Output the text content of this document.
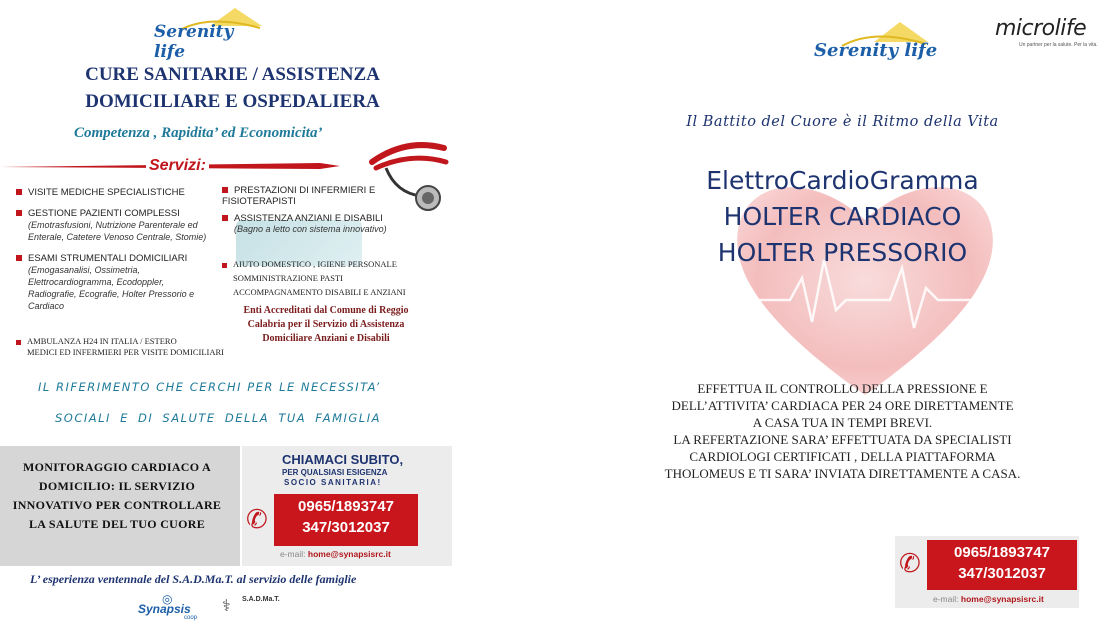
Serenity life
CURE SANITARIE / ASSISTENZA
DOMICILIARE E OSPEDALIERA
Competenza , Rapidita’ ed Economicita’
Servizi:
VISITE MEDICHE SPECIALISTICHE
GESTIONE PAZIENTI COMPLESSI
(Emotrasfusioni, Nutrizione Parenterale ed Enterale, Catetere Venoso Centrale, Stomie)
ESAMI STRUMENTALI DOMICILIARI
(Emogasanalisi, Ossimetria, Elettrocardiogramma, Ecodoppler, Radiografie, Ecografie, Holter Pressorio e Cardiaco
AMBULANZA H24 IN ITALIA / ESTERO
MEDICI ED INFERMIERI PER VISITE DOMICILIARI
PRESTAZIONI DI INFERMIERI E FISIOTERAPISTI
ASSISTENZA ANZIANI E DISABILI
(Bagno a letto con sistema innovativo)
AIUTO DOMESTICO , IGIENE PERSONALE
SOMMINISTRAZIONE PASTI
ACCOMPAGNAMENTO DISABILI E ANZIANI
Enti Accreditati dal Comune di Reggio Calabria per il Servizio di Assistenza Domiciliare Anziani e Disabili
IL RIFERIMENTO CHE CERCHI PER LE NECESSITA’
SOCIALI E DI SALUTE DELLA TUA FAMIGLIA
MONITORAGGIO CARDIACO A DOMICILIO: IL SERVIZIO INNOVATIVO PER CONTROLLARE LA SALUTE DEL TUO CUORE
CHIAMACI SUBITO,
PER QUALSIASI ESIGENZA
SOCIO SANITARIA!
✆	0965/1893747
347/3012037
e-mail: home@synapsisrc.it
L’ esperienza ventennale del S.A.D.Ma.T. al servizio delle famiglie
◎
Synapsis
coop
⚕ S.A.D.Ma.T.
Serenity life
microlife
Un partner per la salute. Per la vita.
Il Battito del Cuore è il Ritmo della Vita
ElettroCardioGramma
HOLTER CARDIACO
HOLTER PRESSORIO
EFFETTUA IL CONTROLLO DELLA PRESSIONE E
DELL’ATTIVITA’ CARDIACA PER 24 ORE DIRETTAMENTE
A CASA TUA IN TEMPI BREVI.
LA REFERTAZIONE SARA’ EFFETTUATA DA SPECIALISTI
CARDIOLOGI CERTIFICATI , DELLA PIATTAFORMA
THOLOMEUS E TI SARA’ INVIATA DIRETTAMENTE A CASA.
✆	0965/1893747
347/3012037
e-mail: home@synapsisrc.it
